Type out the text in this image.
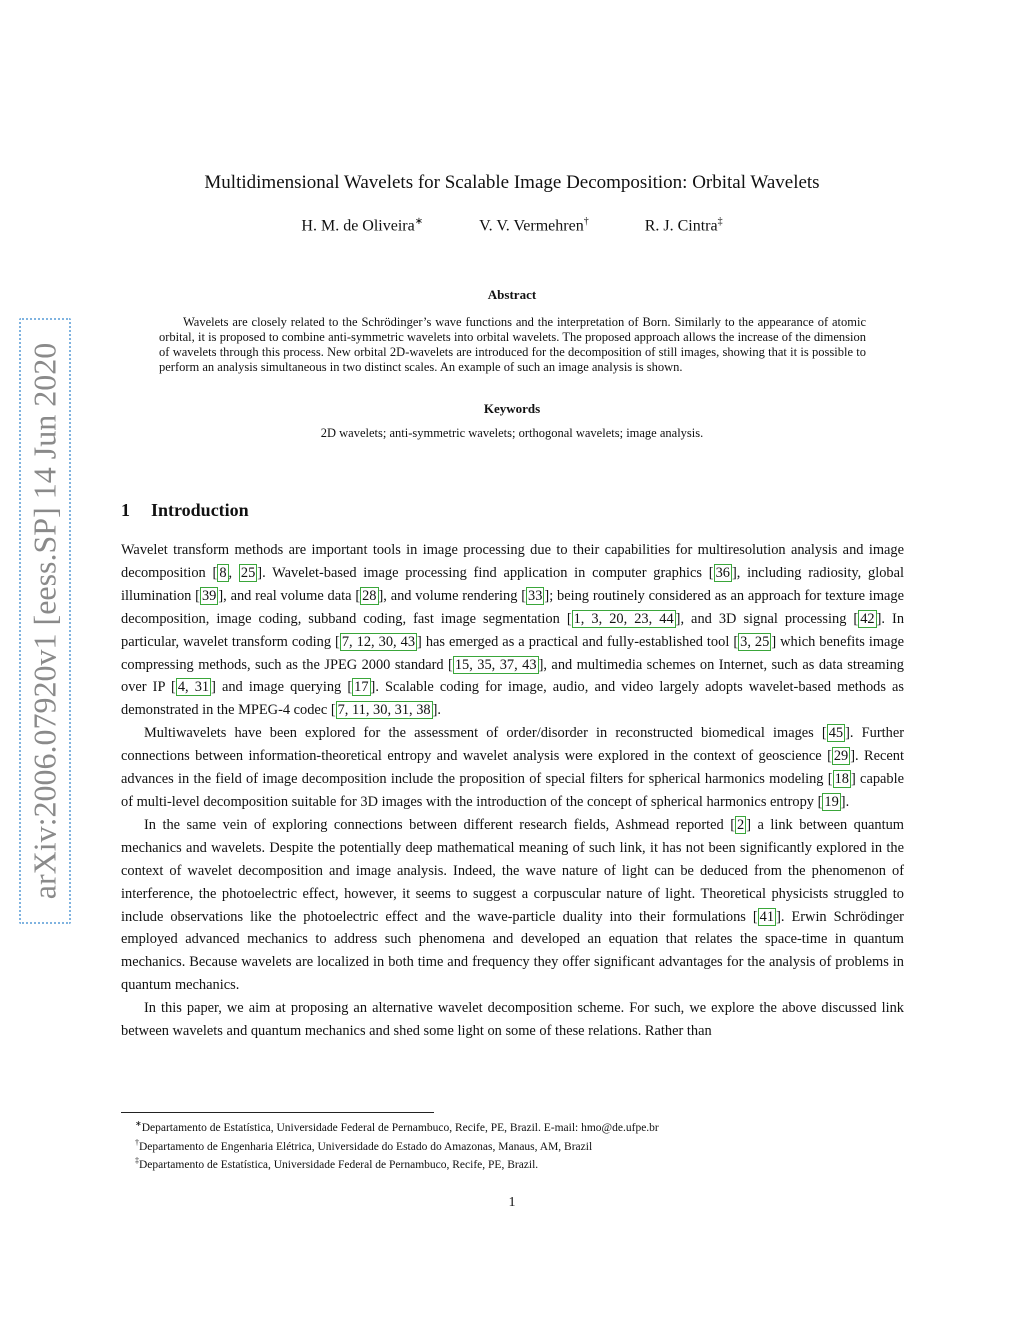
arXiv:2006.07920v1 [eess.SP] 14 Jun 2020
Multidimensional Wavelets for Scalable Image Decomposition: Orbital Wavelets
H. M. de Oliveira∗	V. V. Vermehren†	R. J. Cintra‡
Abstract
Wavelets are closely related to the Schrödinger’s wave functions and the interpretation of Born. Similarly to the appearance of atomic orbital, it is proposed to combine anti-symmetric wavelets into orbital wavelets. The proposed approach allows the increase of the dimension of wavelets through this process. New orbital 2D-wavelets are introduced for the decomposition of still images, showing that it is possible to perform an analysis simultaneous in two distinct scales. An example of such an image analysis is shown.
Keywords
2D wavelets; anti-symmetric wavelets; orthogonal wavelets; image analysis.
1 Introduction

Wavelet transform methods are important tools in image processing due to their capabilities for multiresolution analysis and image decomposition [ 8 , 25 ]. Wavelet-based image processing find application in computer graphics [ 36 ], including radiosity, global illumination [ 39 ], and real volume data [ 28 ], and volume rendering [ 33 ]; being routinely considered as an approach for texture image decomposition, image coding, subband coding, fast image segmentation [ 1, 3, 20, 23, 44 ], and 3D signal processing [ 42 ]. In particular, wavelet transform coding [ 7, 12, 30, 43 ] has emerged as a practical and fully-established tool [ 3, 25 ] which benefits image compressing methods, such as the JPEG 2000 standard [ 15, 35, 37, 43 ], and multimedia schemes on Internet, such as data streaming over IP [ 4, 31 ] and image querying [ 17 ]. Scalable coding for image, audio, and video largely adopts wavelet-based methods as demonstrated in the MPEG-4 codec [ 7, 11, 30, 31, 38 ].

Multiwavelets have been explored for the assessment of order/disorder in reconstructed biomedical images [ 45 ]. Further connections between information-theoretical entropy and wavelet analysis were explored in the context of geoscience [ 29 ]. Recent advances in the field of image decomposition include the proposition of special filters for spherical harmonics modeling [ 18 ] capable of multi-level decomposition suitable for 3D images with the introduction of the concept of spherical harmonics entropy [ 19 ].

In the same vein of exploring connections between different research fields, Ashmead reported [ 2 ] a link between quantum mechanics and wavelets. Despite the potentially deep mathematical meaning of such link, it has not been significantly explored in the context of wavelet decomposition and image analysis. Indeed, the wave nature of light can be deduced from the phenomenon of interference, the photoelectric effect, however, it seems to suggest a corpuscular nature of light. Theoretical physicists struggled to include observations like the photoelectric effect and the wave-particle duality into their formulations [ 41 ]. Erwin Schrödinger employed advanced mechanics to address such phenomena and developed an equation that relates the space-time in quantum mechanics. Because wavelets are localized in both time and frequency they offer significant advantages for the analysis of problems in quantum mechanics.

In this paper, we aim at proposing an alternative wavelet decomposition scheme. For such, we explore the above discussed link between wavelets and quantum mechanics and shed some light on some of these relations. Rather than

∗Departamento de Estatística, Universidade Federal de Pernambuco, Recife, PE, Brazil. E-mail: hmo@de.ufpe.br
†Departamento de Engenharia Elétrica, Universidade do Estado do Amazonas, Manaus, AM, Brazil
‡Departamento de Estatística, Universidade Federal de Pernambuco, Recife, PE, Brazil.
1
